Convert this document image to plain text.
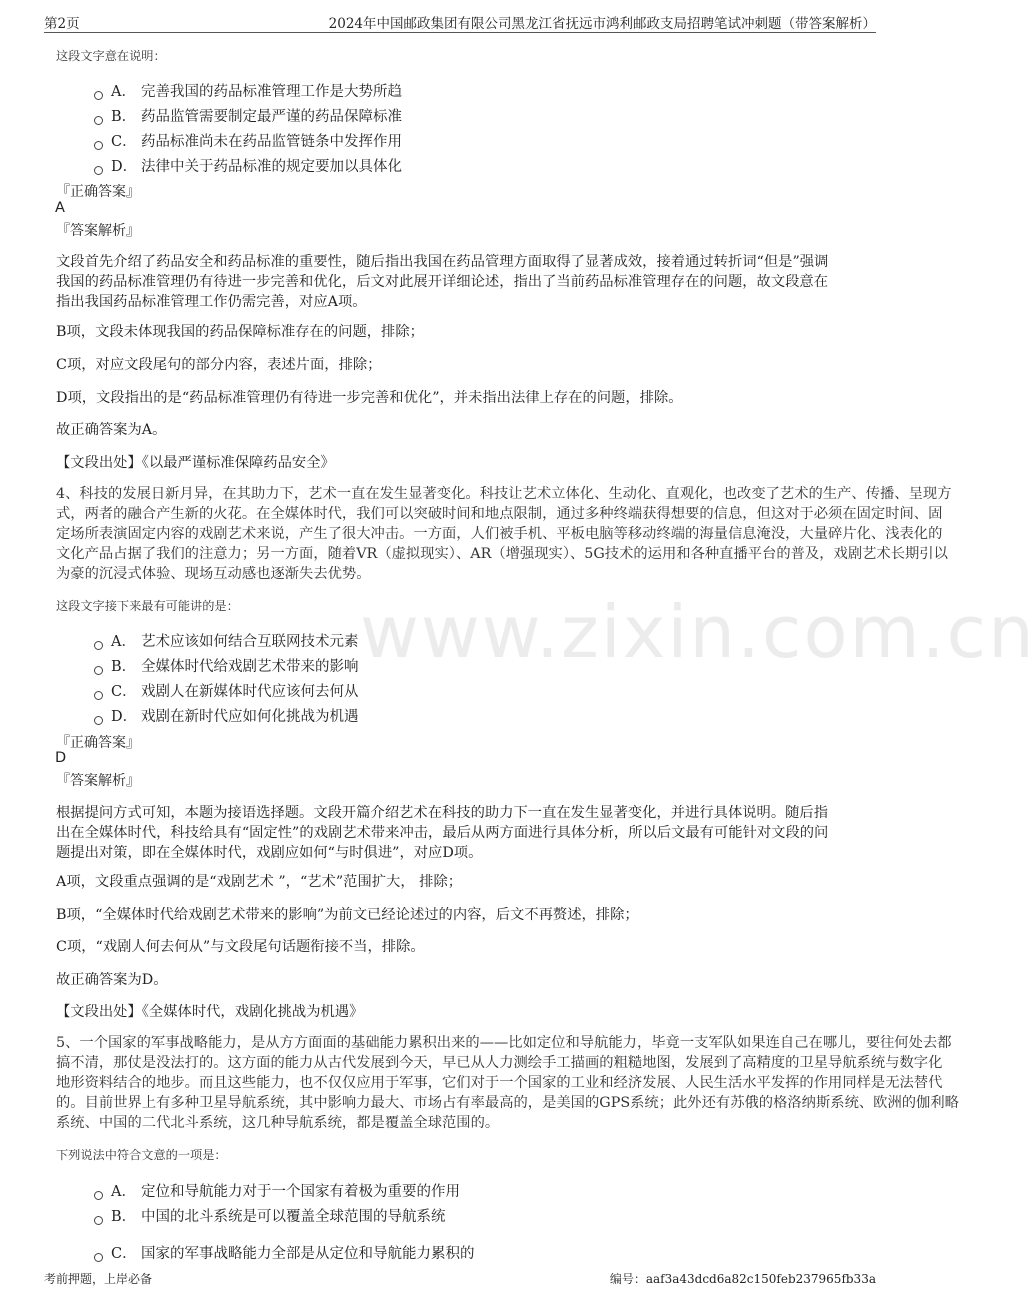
第2页	2024年中国邮政集团有限公司黑龙江省抚远市鸿利邮政支局招聘笔试冲刺题（带答案解析）
www.zixin.com.cn
这段文字意在说明：
A． 完善我国的药品标准管理工作是大势所趋
B． 药品监管需要制定最严谨的药品保障标准
C． 药品标准尚未在药品监管链条中发挥作用
D． 法律中关于药品标准的规定要加以具体化
『正确答案』
A
『答案解析』
文段首先介绍了药品安全和药品标准的重要性，随后指出我国在药品管理方面取得了显著成效，接着通过转折词“但是”强调
我国的药品标准管理仍有待进一步完善和优化，后文对此展开详细论述，指出了当前药品标准管理存在的问题，故文段意在
指出我国药品标准管理工作仍需完善，对应A项。
B项，文段未体现我国的药品保障标准存在的问题，排除；
C项，对应文段尾句的部分内容，表述片面，排除；
D项，文段指出的是“药品标准管理仍有待进一步完善和优化”，并未指出法律上存在的问题，排除。
故正确答案为A。
【文段出处】《以最严谨标准保障药品安全》
4、科技的发展日新月异，在其助力下，艺术一直在发生显著变化。科技让艺术立体化、生动化、直观化，也改变了艺术的生产、传播、呈现方
式，两者的融合产生新的火花。在全媒体时代，我们可以突破时间和地点限制，通过多种终端获得想要的信息，但这对于必须在固定时间、固
定场所表演固定内容的戏剧艺术来说，产生了很大冲击。一方面，人们被手机、平板电脑等移动终端的海量信息淹没，大量碎片化、浅表化的
文化产品占据了我们的注意力；另一方面，随着VR（虚拟现实）、AR（增强现实）、5G技术的运用和各种直播平台的普及，戏剧艺术长期引以
为豪的沉浸式体验、现场互动感也逐渐失去优势。
这段文字接下来最有可能讲的是：
A． 艺术应该如何结合互联网技术元素
B． 全媒体时代给戏剧艺术带来的影响
C． 戏剧人在新媒体时代应该何去何从
D． 戏剧在新时代应如何化挑战为机遇
『正确答案』
D
『答案解析』
根据提问方式可知，本题为接语选择题。文段开篇介绍艺术在科技的助力下一直在发生显著变化，并进行具体说明。随后指
出在全媒体时代，科技给具有“固定性”的戏剧艺术带来冲击，最后从两方面进行具体分析，所以后文最有可能针对文段的问
题提出对策，即在全媒体时代，戏剧应如何“与时俱进”，对应D项。
A项，文段重点强调的是“戏剧艺术 ”，“艺术”范围扩大， 排除；
B项，“全媒体时代给戏剧艺术带来的影响”为前文已经论述过的内容，后文不再赘述，排除；
C项，“戏剧人何去何从”与文段尾句话题衔接不当，排除。
故正确答案为D。
【文段出处】《全媒体时代，戏剧化挑战为机遇》
5、一个国家的军事战略能力，是从方方面面的基础能力累积出来的——比如定位和导航能力，毕竟一支军队如果连自己在哪儿，要往何处去都
搞不清，那仗是没法打的。这方面的能力从古代发展到今天，早已从人力测绘手工描画的粗糙地图，发展到了高精度的卫星导航系统与数字化
地形资料结合的地步。而且这些能力，也不仅仅应用于军事，它们对于一个国家的工业和经济发展、人民生活水平发挥的作用同样是无法替代
的。目前世界上有多种卫星导航系统，其中影响力最大、市场占有率最高的，是美国的GPS系统；此外还有苏俄的格洛纳斯系统、欧洲的伽利略
系统、中国的二代北斗系统，这几种导航系统，都是覆盖全球范围的。
下列说法中符合文意的一项是：
A． 定位和导航能力对于一个国家有着极为重要的作用
B． 中国的北斗系统是可以覆盖全球范围的导航系统
C． 国家的军事战略能力全部是从定位和导航能力累积的
考前押题，上岸必备	编号：aaf3a43dcd6a82c150feb237965fb33a
